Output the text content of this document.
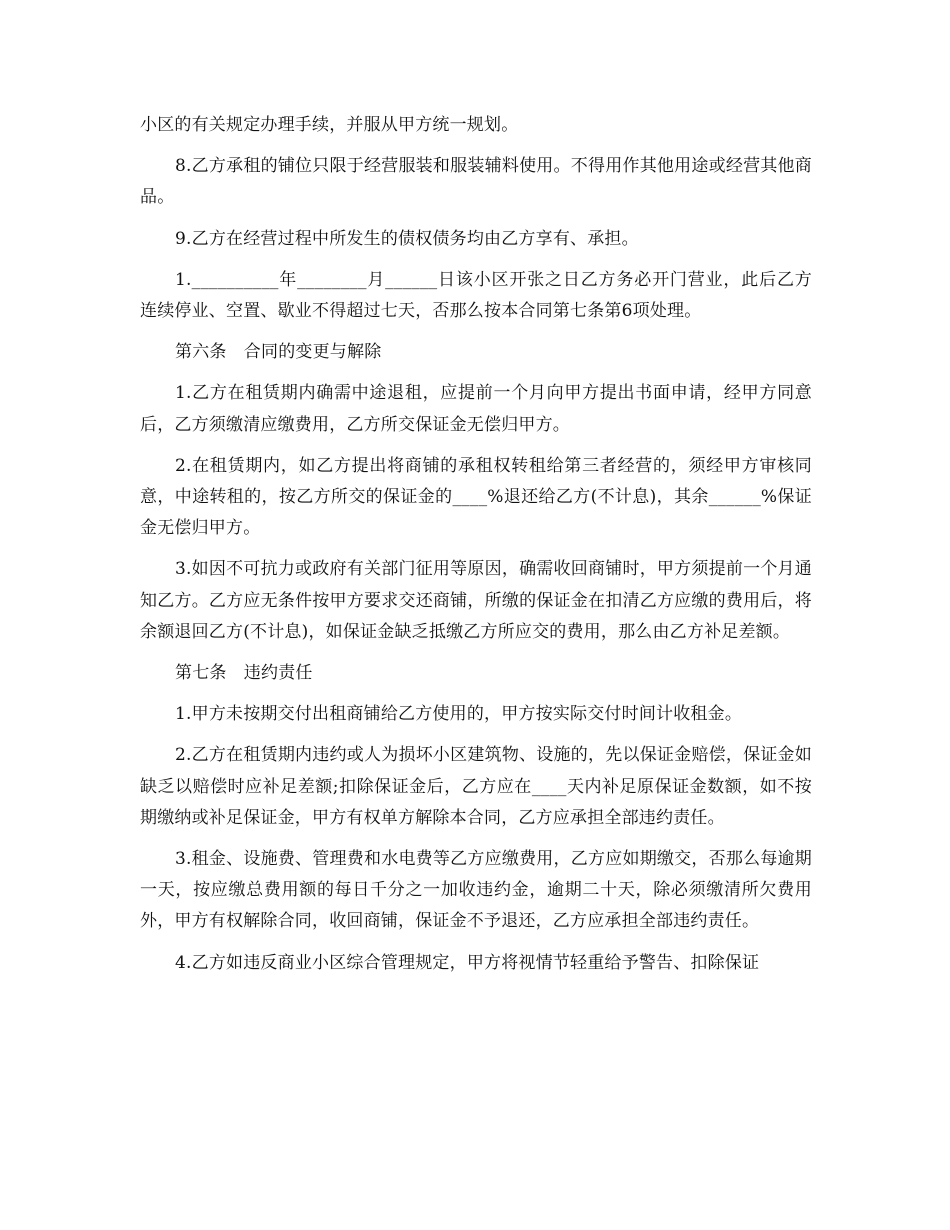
小区的有关规定办理手续，并服从甲方统一规划。

8.乙方承租的铺位只限于经营服装和服装辅料使用。不得用作其他用途或经营其他商品。

9.乙方在经营过程中所发生的债权债务均由乙方享有、承担。

1.__________年________月______日该小区开张之日乙方务必开门营业，此后乙方连续停业、空置、歇业不得超过七天，否那么按本合同第七条第6项处理。

第六条　合同的变更与解除

1.乙方在租赁期内确需中途退租，应提前一个月向甲方提出书面申请，经甲方同意后，乙方须缴清应缴费用，乙方所交保证金无偿归甲方。

2.在租赁期内，如乙方提出将商铺的承租权转租给第三者经营的，须经甲方审核同意，中途转租的，按乙方所交的保证金的____%退还给乙方(不计息)，其余______%保证金无偿归甲方。

3.如因不可抗力或政府有关部门征用等原因，确需收回商铺时，甲方须提前一个月通知乙方。乙方应无条件按甲方要求交还商铺，所缴的保证金在扣清乙方应缴的费用后，将余额退回乙方(不计息)，如保证金缺乏抵缴乙方所应交的费用，那么由乙方补足差额。

第七条　违约责任

1.甲方未按期交付出租商铺给乙方使用的，甲方按实际交付时间计收租金。

2.乙方在租赁期内违约或人为损坏小区建筑物、设施的，先以保证金赔偿，保证金如缺乏以赔偿时应补足差额;扣除保证金后，乙方应在____天内补足原保证金数额，如不按期缴纳或补足保证金，甲方有权单方解除本合同，乙方应承担全部违约责任。

3.租金、设施费、管理费和水电费等乙方应缴费用，乙方应如期缴交，否那么每逾期一天，按应缴总费用额的每日千分之一加收违约金，逾期二十天，除必须缴清所欠费用外，甲方有权解除合同，收回商铺，保证金不予退还，乙方应承担全部违约责任。

4.乙方如违反商业小区综合管理规定，甲方将视情节轻重给予警告、扣除保证
